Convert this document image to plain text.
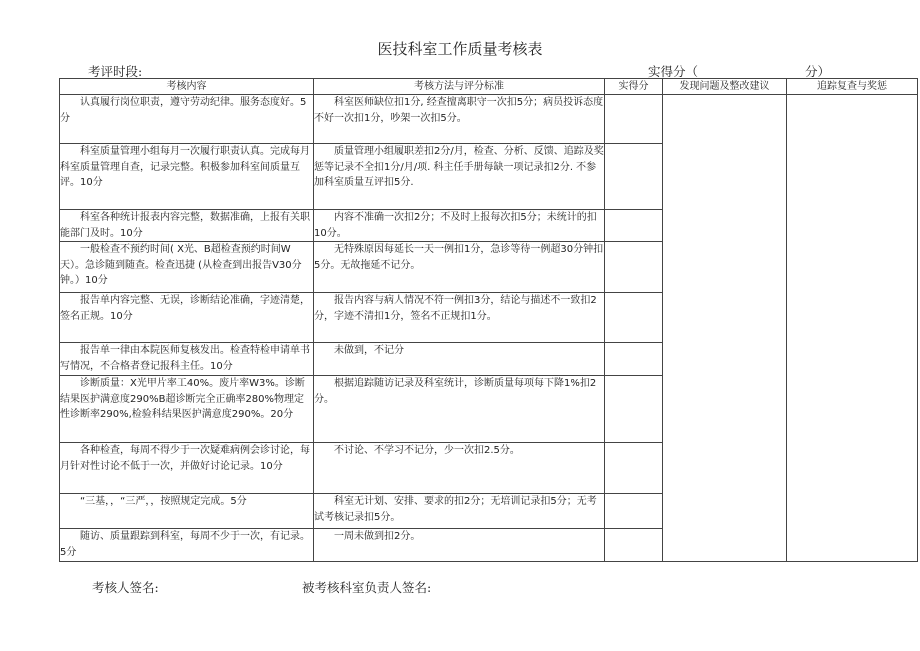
医技科室工作质量考核表
考评时段:	实得分（	分）
考核内容	考核方法与评分标准	实得分	发现问题及整改建议	追踪复查与奖惩
认真履行岗位职责，遵守劳动纪律。服务态度好。5分	科室医师缺位扣1分, 经查擅离职守一次扣5分；病员投诉态度不好一次扣1分，吵架一次扣5分。			
科室质量管理小组每月一次履行职责认真。完成每月科室质量管理自查，记录完整。积极参加科室间质量互评。10分	质量管理小组履职差扣2分/月，检查、分析、反馈、追踪及奖惩等记录不全扣1分/月/项. 科主任手册每缺一项记录扣2分. 不参加科室质量互评扣5分.			
科室各种统计报表内容完整，数据准确，上报有关职能部门及时。10分	内容不准确一次扣2分；不及时上报每次扣5分；未统计的扣10分。			
一般检查不预约时间( X光、B超检查预约时间W天）。急诊随到随查。检查迅捷 (从检查到出报告V30分钟。）10分	无特殊原因每延长一天一例扣1分，急诊等待一例超30分钟扣5分。无故拖延不记分。			
报告单内容完整、无误，诊断结论准确，字迹清楚，签名正规。10分	报告内容与病人情况不符一例扣3分，结论与描述不一致扣2分，字迹不清扣1分，签名不正规扣1分。			
报告单一律由本院医师复核发出。检查特检申请单书写情况，不合格者登记报科主任。10分	未做到，不记分			
诊断质量：X光甲片率工40%。废片率W3%。诊断结果医护满意度290%B超诊断完全正确率280%物理定性诊断率290%,检验科结果医护满意度290%。20分	根据追踪随访记录及科室统计，诊断质量每项每下降1%扣2分。			
各种检查，每周不得少于一次疑难病例会诊讨论，每月针对性讨论不低于一次，并做好讨论记录。10分	不讨论、不学习不记分，少一次扣2.5分。			
“三基，，“三严，，按照规定完成。5分	科室无计划、安排、要求的扣2分；无培训记录扣5分；无考试考核记录扣5分。			
随访、质量跟踪到科室，每周不少于一次，有记录。5分	一周未做到扣2分。			
考核人签名:	被考核科室负责人签名:
